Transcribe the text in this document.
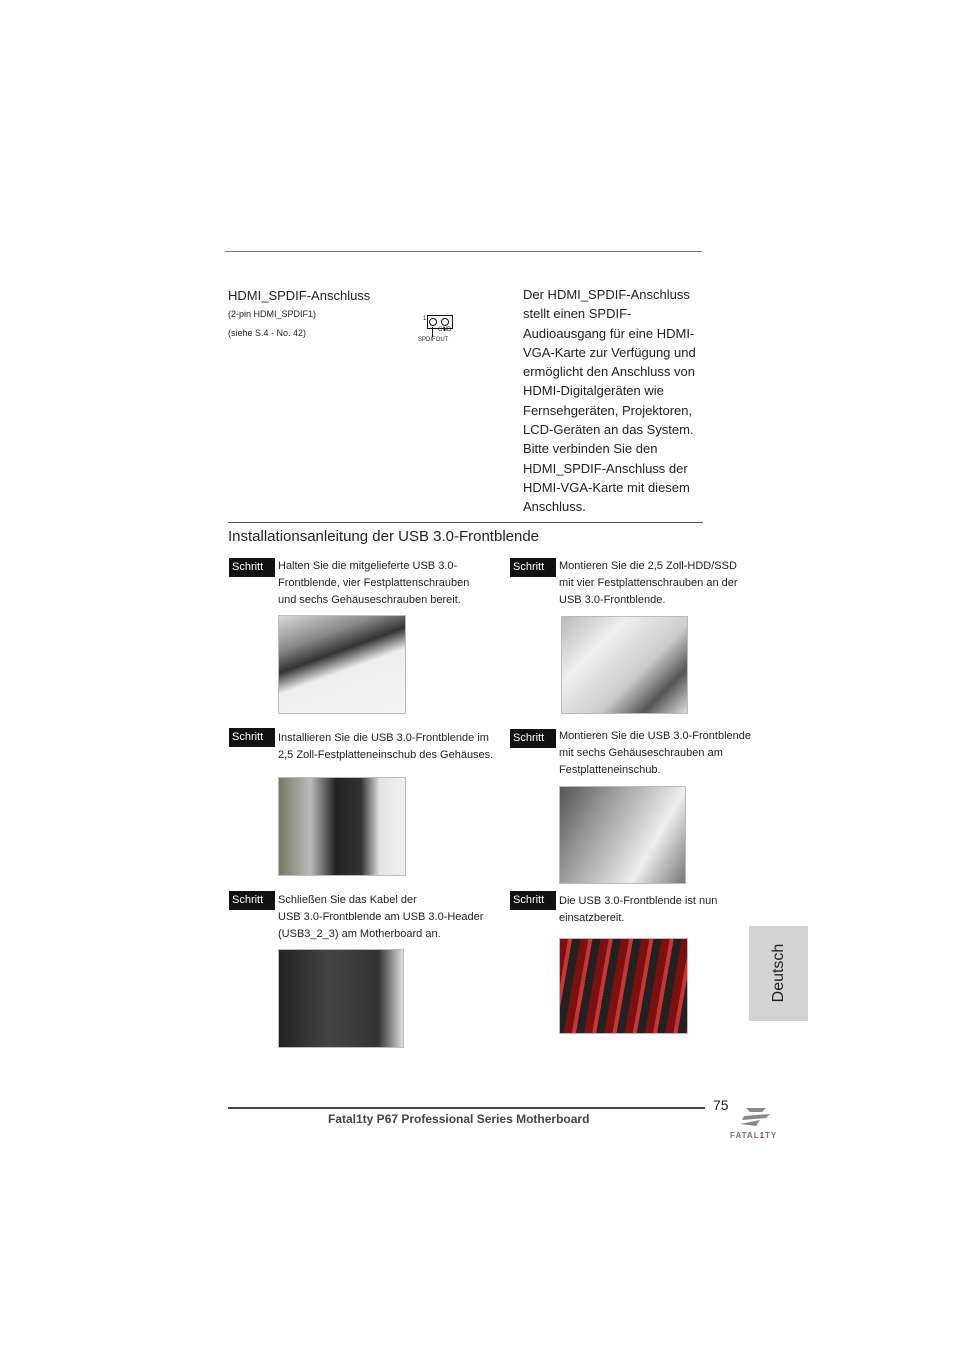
HDMI_SPDIF-Anschluss
(2-pin HDMI_SPDIF1)
(siehe S.4 - No. 42)
1
GND
SPDIFOUT
Der HDMI_SPDIF-Anschluss
stellt einen SPDIF-
Audioausgang für eine HDMI-
VGA-Karte zur Verfügung und
ermöglicht den Anschluss von
HDMI-Digitalgeräten wie
Fernsehgeräten, Projektoren,
LCD-Geräten an das System.
Bitte verbinden Sie den
HDMI_SPDIF-Anschluss der
HDMI-VGA-Karte mit diesem
Anschluss.
Installationsanleitung der USB 3.0-Frontblende
Schritt 1
Halten Sie die mitgelieferte USB 3.0-
Frontblende, vier Festplattenschrauben
und sechs Gehäuseschrauben bereit.
Schritt 2
Montieren Sie die 2,5 Zoll-HDD/SSD
mit vier Festplattenschrauben an der
USB 3.0-Frontblende.
Schritt 3
Installieren Sie die USB 3.0-Frontblende im
2,5 Zoll-Festplatteneinschub des Gehäuses.
Schritt 4
Montieren Sie die USB 3.0-Frontblende
mit sechs Gehäuseschrauben am
Festplatteneinschub.
Schritt 5
Schließen Sie das Kabel der
USB 3.0-Frontblende am USB 3.0-Header
(USB3_2_3) am Motherboard an.
Schritt 6
Die USB 3.0-Frontblende ist nun
einsatzbereit.
Deutsch
75
Fatal1ty P67 Professional Series Motherboard
FATAL1TY
